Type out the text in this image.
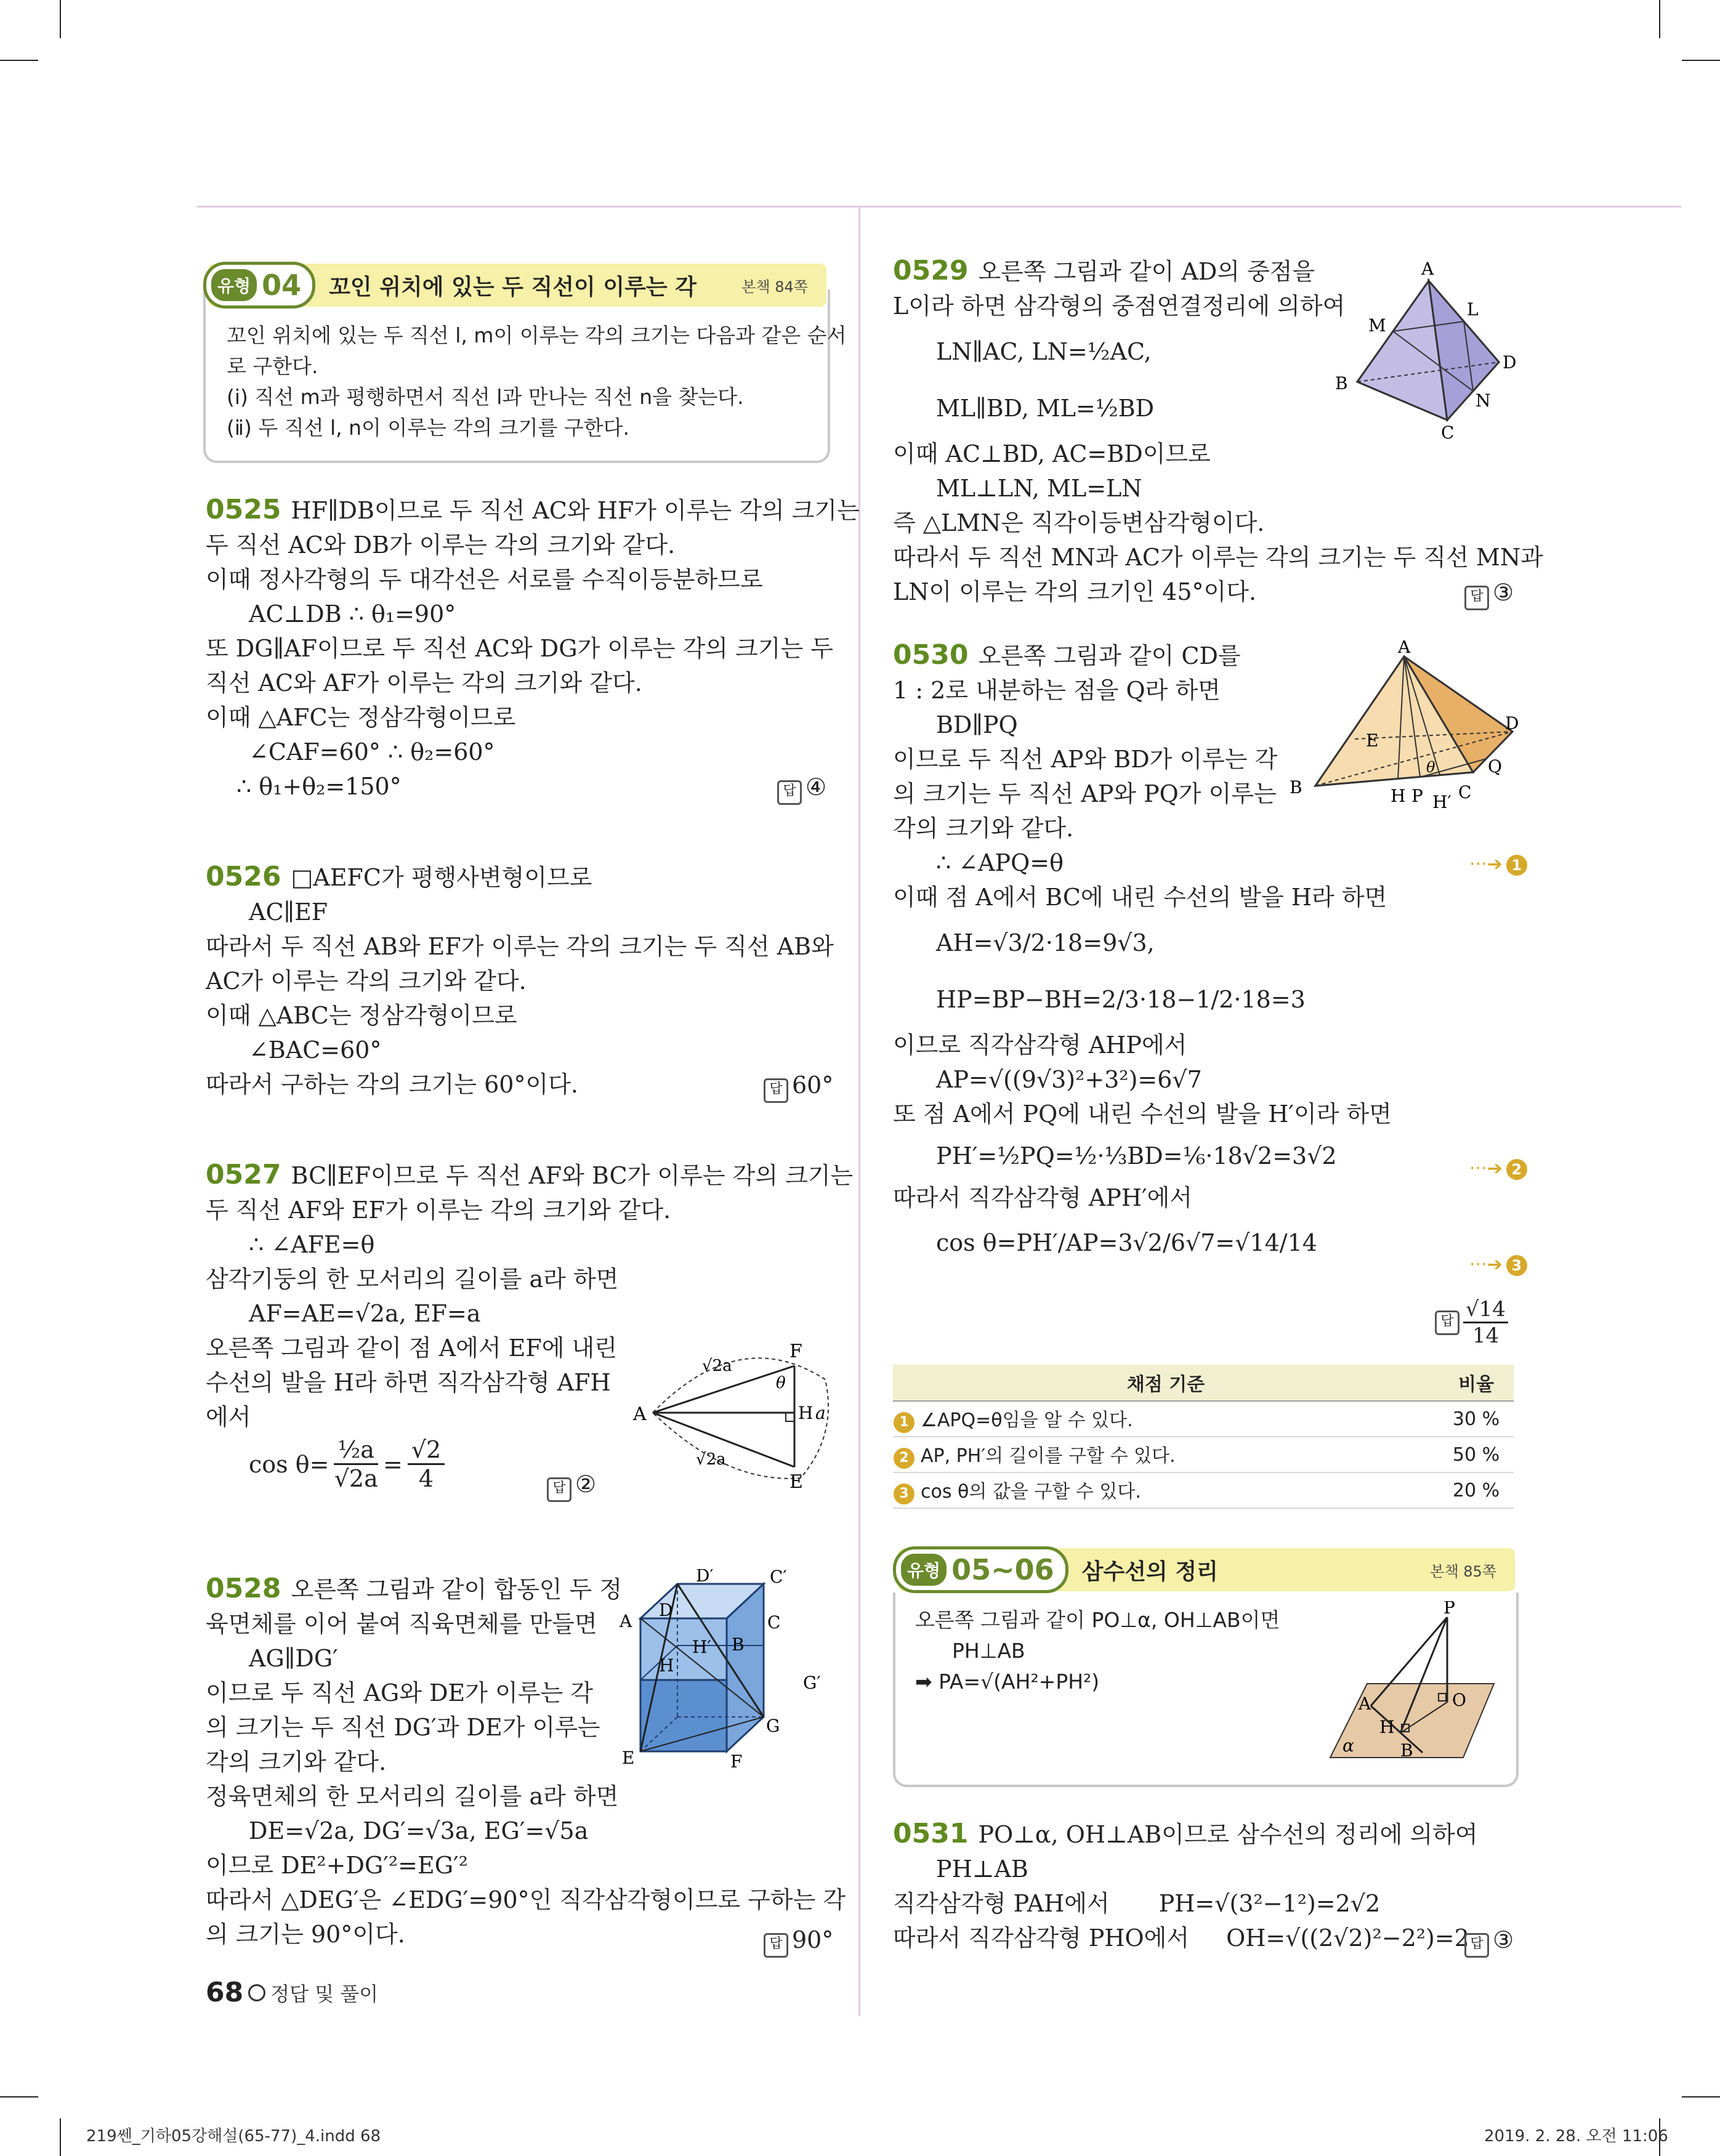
유형 04 꼬인 위치에 있는 두 직선이 이루는 각	본책 84쪽
꼬인 위치에 있는 두 직선 l, m이 이루는 각의 크기는 다음과 같은 순서
로 구한다.
(ⅰ) 직선 m과 평행하면서 직선 l과 만나는 직선 n을 찾는다.
(ⅱ) 두 직선 l, n이 이루는 각의 크기를 구한다.
0525 HF∥DB이므로 두 직선 AC와 HF가 이루는 각의 크기는
두 직선 AC와 DB가 이루는 각의 크기와 같다.
이때 정사각형의 두 대각선은 서로를 수직이등분하므로
AC⊥DB ∴ θ₁=90°
또 DG∥AF이므로 두 직선 AC와 DG가 이루는 각의 크기는 두
직선 AC와 AF가 이루는 각의 크기와 같다.
이때 △AFC는 정삼각형이므로
∠CAF=60° ∴ θ₂=60°
∴ θ₁+θ₂=150°	답 ④
0526 □AEFC가 평행사변형이므로
AC∥EF
따라서 두 직선 AB와 EF가 이루는 각의 크기는 두 직선 AB와
AC가 이루는 각의 크기와 같다.
이때 △ABC는 정삼각형이므로
∠BAC=60°
따라서 구하는 각의 크기는 60°이다.	답 60°
0527 BC∥EF이므로 두 직선 AF와 BC가 이루는 각의 크기는
두 직선 AF와 EF가 이루는 각의 크기와 같다.
∴ ∠AFE=θ
삼각기둥의 한 모서리의 길이를 a라 하면
AF=AE=√2a, EF=a
오른쪽 그림과 같이 점 A에서 EF에 내린
수선의 발을 H라 하면 직각삼각형 AFH
에서
$\cos \theta= \frac{\text{½a}}{√2a} = \frac{√2}{4}$	답 ②
A
F
E
H a
θ
√2a
√2a
0528 오른쪽 그림과 같이 합동인 두 정
육면체를 이어 붙여 직육면체를 만들면
AG∥DG′
이므로 두 직선 AG와 DE가 이루는 각
의 크기는 두 직선 DG′과 DE가 이루는
각의 크기와 같다.
정육면체의 한 모서리의 길이를 a라 하면
DE=√2a, DG′=√3a, EG′=√5a
이므로 DE²+DG′²=EG′²
따라서 △DEG′은 ∠EDG′=90°인 직각삼각형이므로 구하는 각
의 크기는 90°이다.	답 90°
D′	C′
D
C
A
B
H′
H
G′
G
E	F
68 정답 및 풀이
0529 오른쪽 그림과 같이 AD의 중점을
L이라 하면 삼각형의 중점연결정리에 의하여
LN∥AC, LN=½AC,
ML∥BD, ML=½BD
이때 AC⊥BD, AC=BD이므로
ML⊥LN, ML=LN
즉 △LMN은 직각이등변삼각형이다.
따라서 두 직선 MN과 AC가 이루는 각의 크기는 두 직선 MN과
LN이 이루는 각의 크기인 45°이다.	답 ③
A
M
L
B
D
N
C
0530 오른쪽 그림과 같이 CD를
1 : 2로 내분하는 점을 Q라 하면
BD∥PQ
이므로 두 직선 AP와 BD가 이루는 각
의 크기는 두 직선 AP와 PQ가 이루는
각의 크기와 같다.
∴ ∠APQ=θ
이때 점 A에서 BC에 내린 수선의 발을 H라 하면
AH=√3/2·18=9√3,
HP=BP−BH=2/3·18−1/2·18=3
이므로 직각삼각형 AHP에서
AP=√((9√3)²+3²)=6√7
또 점 A에서 PQ에 내린 수선의 발을 H′이라 하면
PH′=½PQ=½·⅓BD=⅙·18√2=3√2
따라서 직각삼각형 APH′에서
cos θ=PH′/AP=3√2/6√7=√14/14
···➔ 1
···➔ 2
···➔ 3
답 $\frac{√14}{14}$
A
D
E
B
Q
H P H′ C
θ
채점 기준	비율
1 ∠APQ=θ임을 알 수 있다.	30 %
2 AP, PH′의 길이를 구할 수 있다.	50 %
3 cos θ의 값을 구할 수 있다.	20 %
유형 05~06 삼수선의 정리	본책 85쪽
오른쪽 그림과 같이 PO⊥α, OH⊥AB이면
PH⊥AB
➡ PA=√(AH²+PH²)
P
A
H
O
B
α
0531 PO⊥α, OH⊥AB이므로 삼수선의 정리에 의하여
PH⊥AB
직각삼각형 PAH에서 PH=√(3²−1²)=2√2
따라서 직각삼각형 PHO에서 OH=√((2√2)²−2²)=2 답 ③
219쎈_기하05강해설(65-77)_4.indd 68	2019. 2. 28. 오전 11:06
